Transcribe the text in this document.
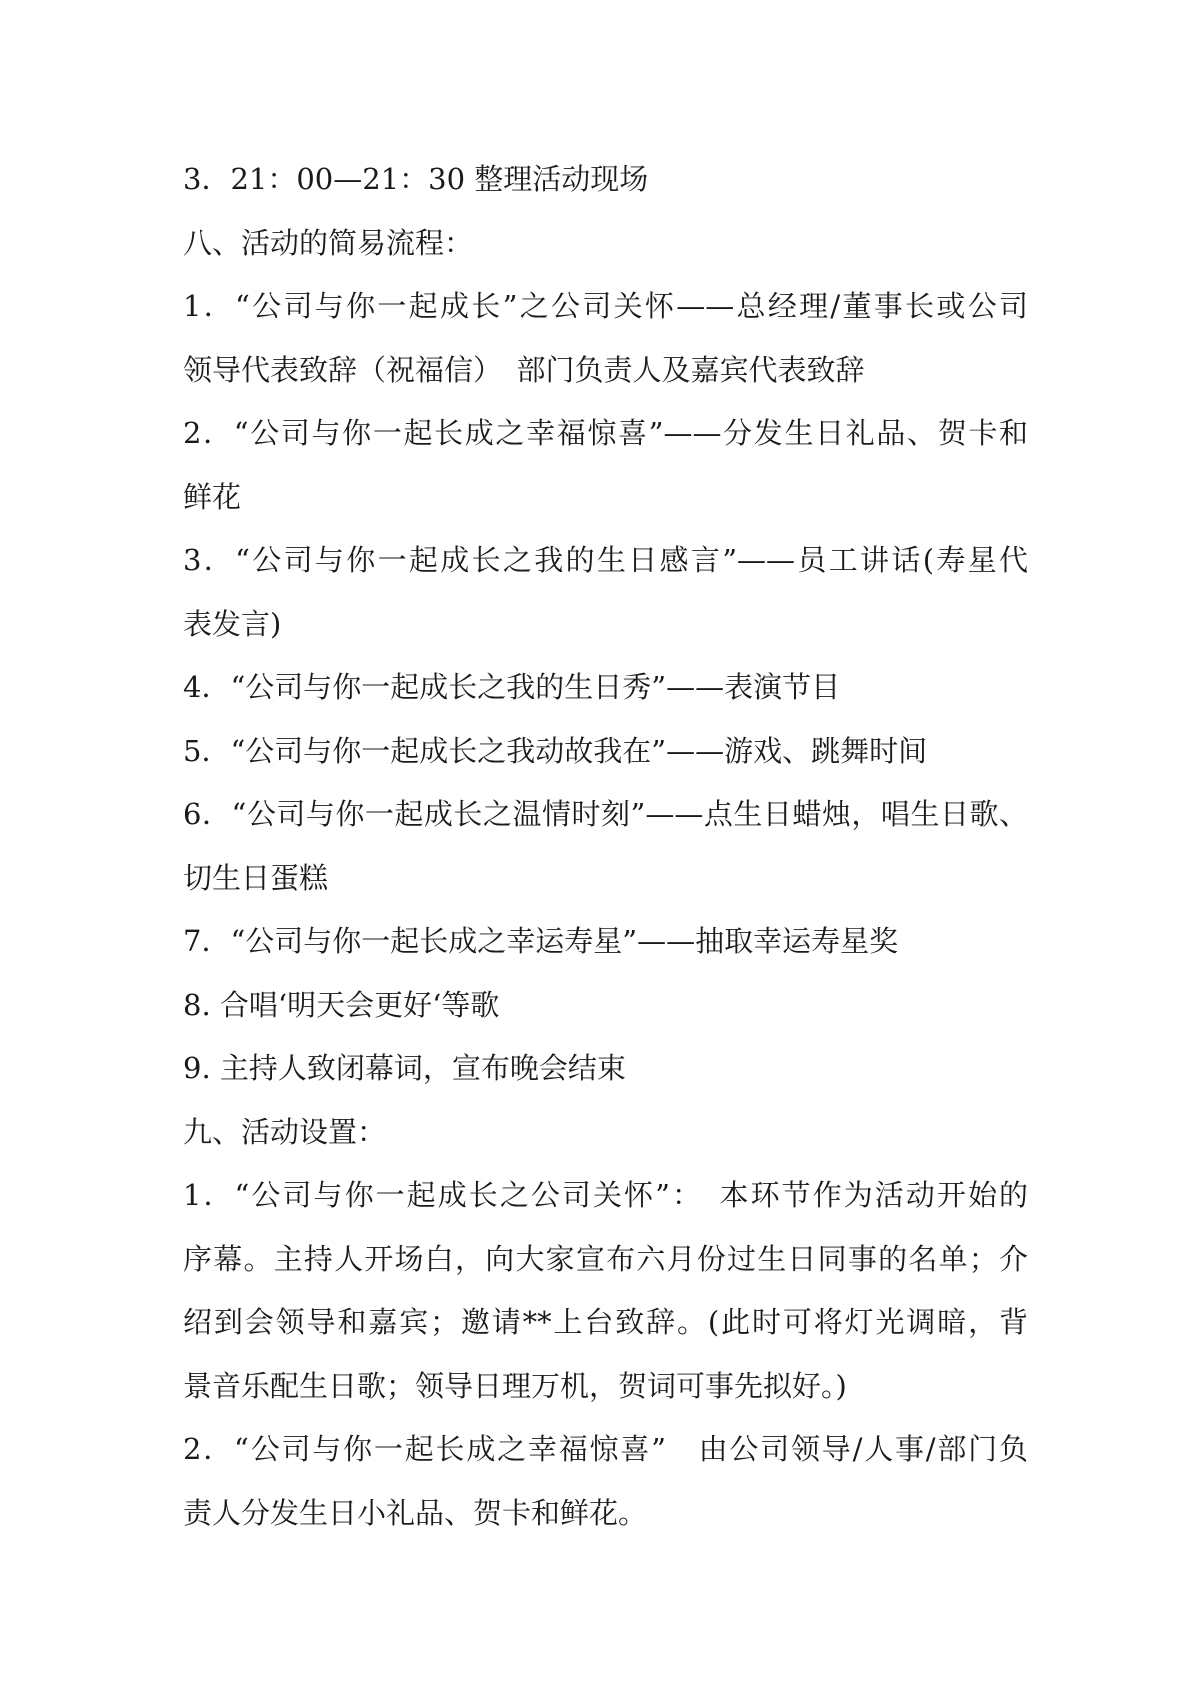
3．21：00—21：30 整理活动现场
八、活动的简易流程：
1．“公司与你一起成长”之公司关怀——总经理/董事长或公司
领导代表致辞（祝福信）　部门负责人及嘉宾代表致辞
2．“公司与你一起长成之幸福惊喜”——分发生日礼品、贺卡和
鲜花
3．“公司与你一起成长之我的生日感言”——员工讲话(寿星代
表发言)
4．“公司与你一起成长之我的生日秀”——表演节目
5．“公司与你一起成长之我动故我在”——游戏、跳舞时间
6．“公司与你一起成长之温情时刻”——点生日蜡烛，唱生日歌、
切生日蛋糕
7．“公司与你一起长成之幸运寿星”——抽取幸运寿星奖
8. 合唱‘明天会更好‘等歌
9. 主持人致闭幕词，宣布晚会结束
九、活动设置：
1．“公司与你一起成长之公司关怀”：　本环节作为活动开始的
序幕。主持人开场白，向大家宣布六月份过生日同事的名单；介
绍到会领导和嘉宾；邀请**上台致辞。(此时可将灯光调暗，背
景音乐配生日歌；领导日理万机，贺词可事先拟好。)
2．“公司与你一起长成之幸福惊喜”　由公司领导/人事/部门负
责人分发生日小礼品、贺卡和鲜花。
